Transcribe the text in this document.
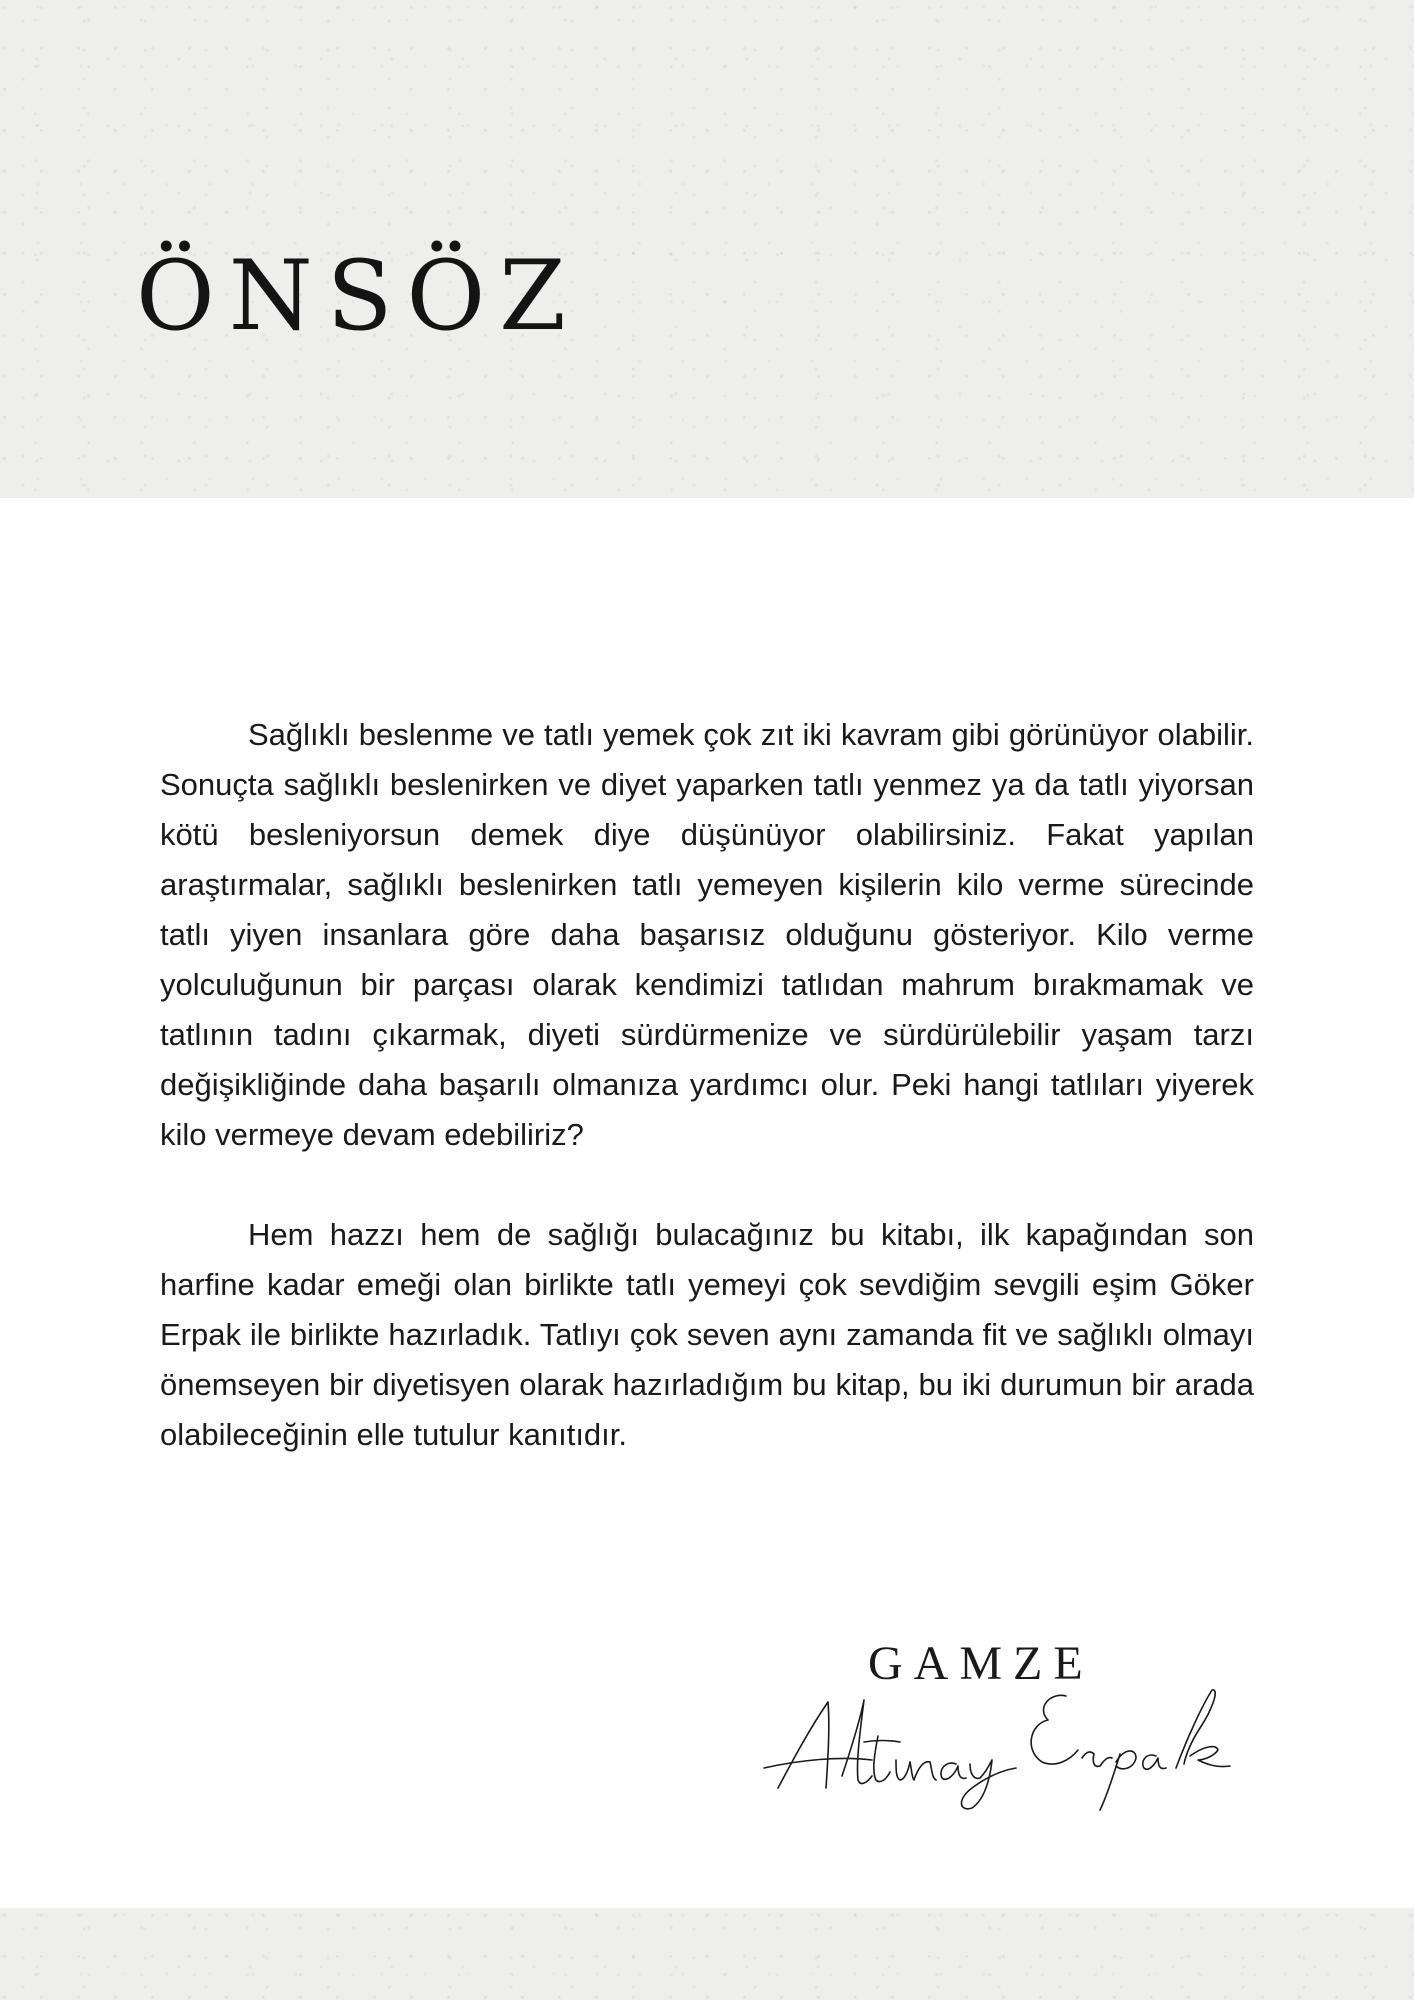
ÖNSÖZ

Sağlıklı beslenme ve tatlı yemek çok zıt iki kavram gibi görünüyor olabilir. Sonuçta sağlıklı beslenirken ve diyet yaparken tatlı yenmez ya da tatlı yiyorsan kötü besleniyorsun demek diye düşünüyor olabilirsiniz. Fakat yapılan araştırmalar, sağlıklı beslenirken tatlı yemeyen kişilerin kilo verme sürecinde tatlı yiyen insanlara göre daha başarısız olduğunu gösteriyor. Kilo verme yolculuğunun bir parçası olarak kendimizi tatlıdan mahrum bırakmamak ve tatlının tadını çıkarmak, diyeti sürdürmenize ve sürdürülebilir yaşam tarzı değişikliğinde daha başarılı olmanıza yardımcı olur. Peki hangi tatlıları yiyerek kilo vermeye devam edebiliriz?

Hem hazzı hem de sağlığı bulacağınız bu kitabı, ilk kapağından son harfine kadar emeği olan birlikte tatlı yemeyi çok sevdiğim sevgili eşim Göker Erpak ile birlikte hazırladık. Tatlıyı çok seven aynı zamanda fit ve sağlıklı olmayı önemseyen bir diyetisyen olarak hazırladığım bu kitap, bu iki durumun bir arada olabileceğinin elle tutulur kanıtıdır.

GAMZE
